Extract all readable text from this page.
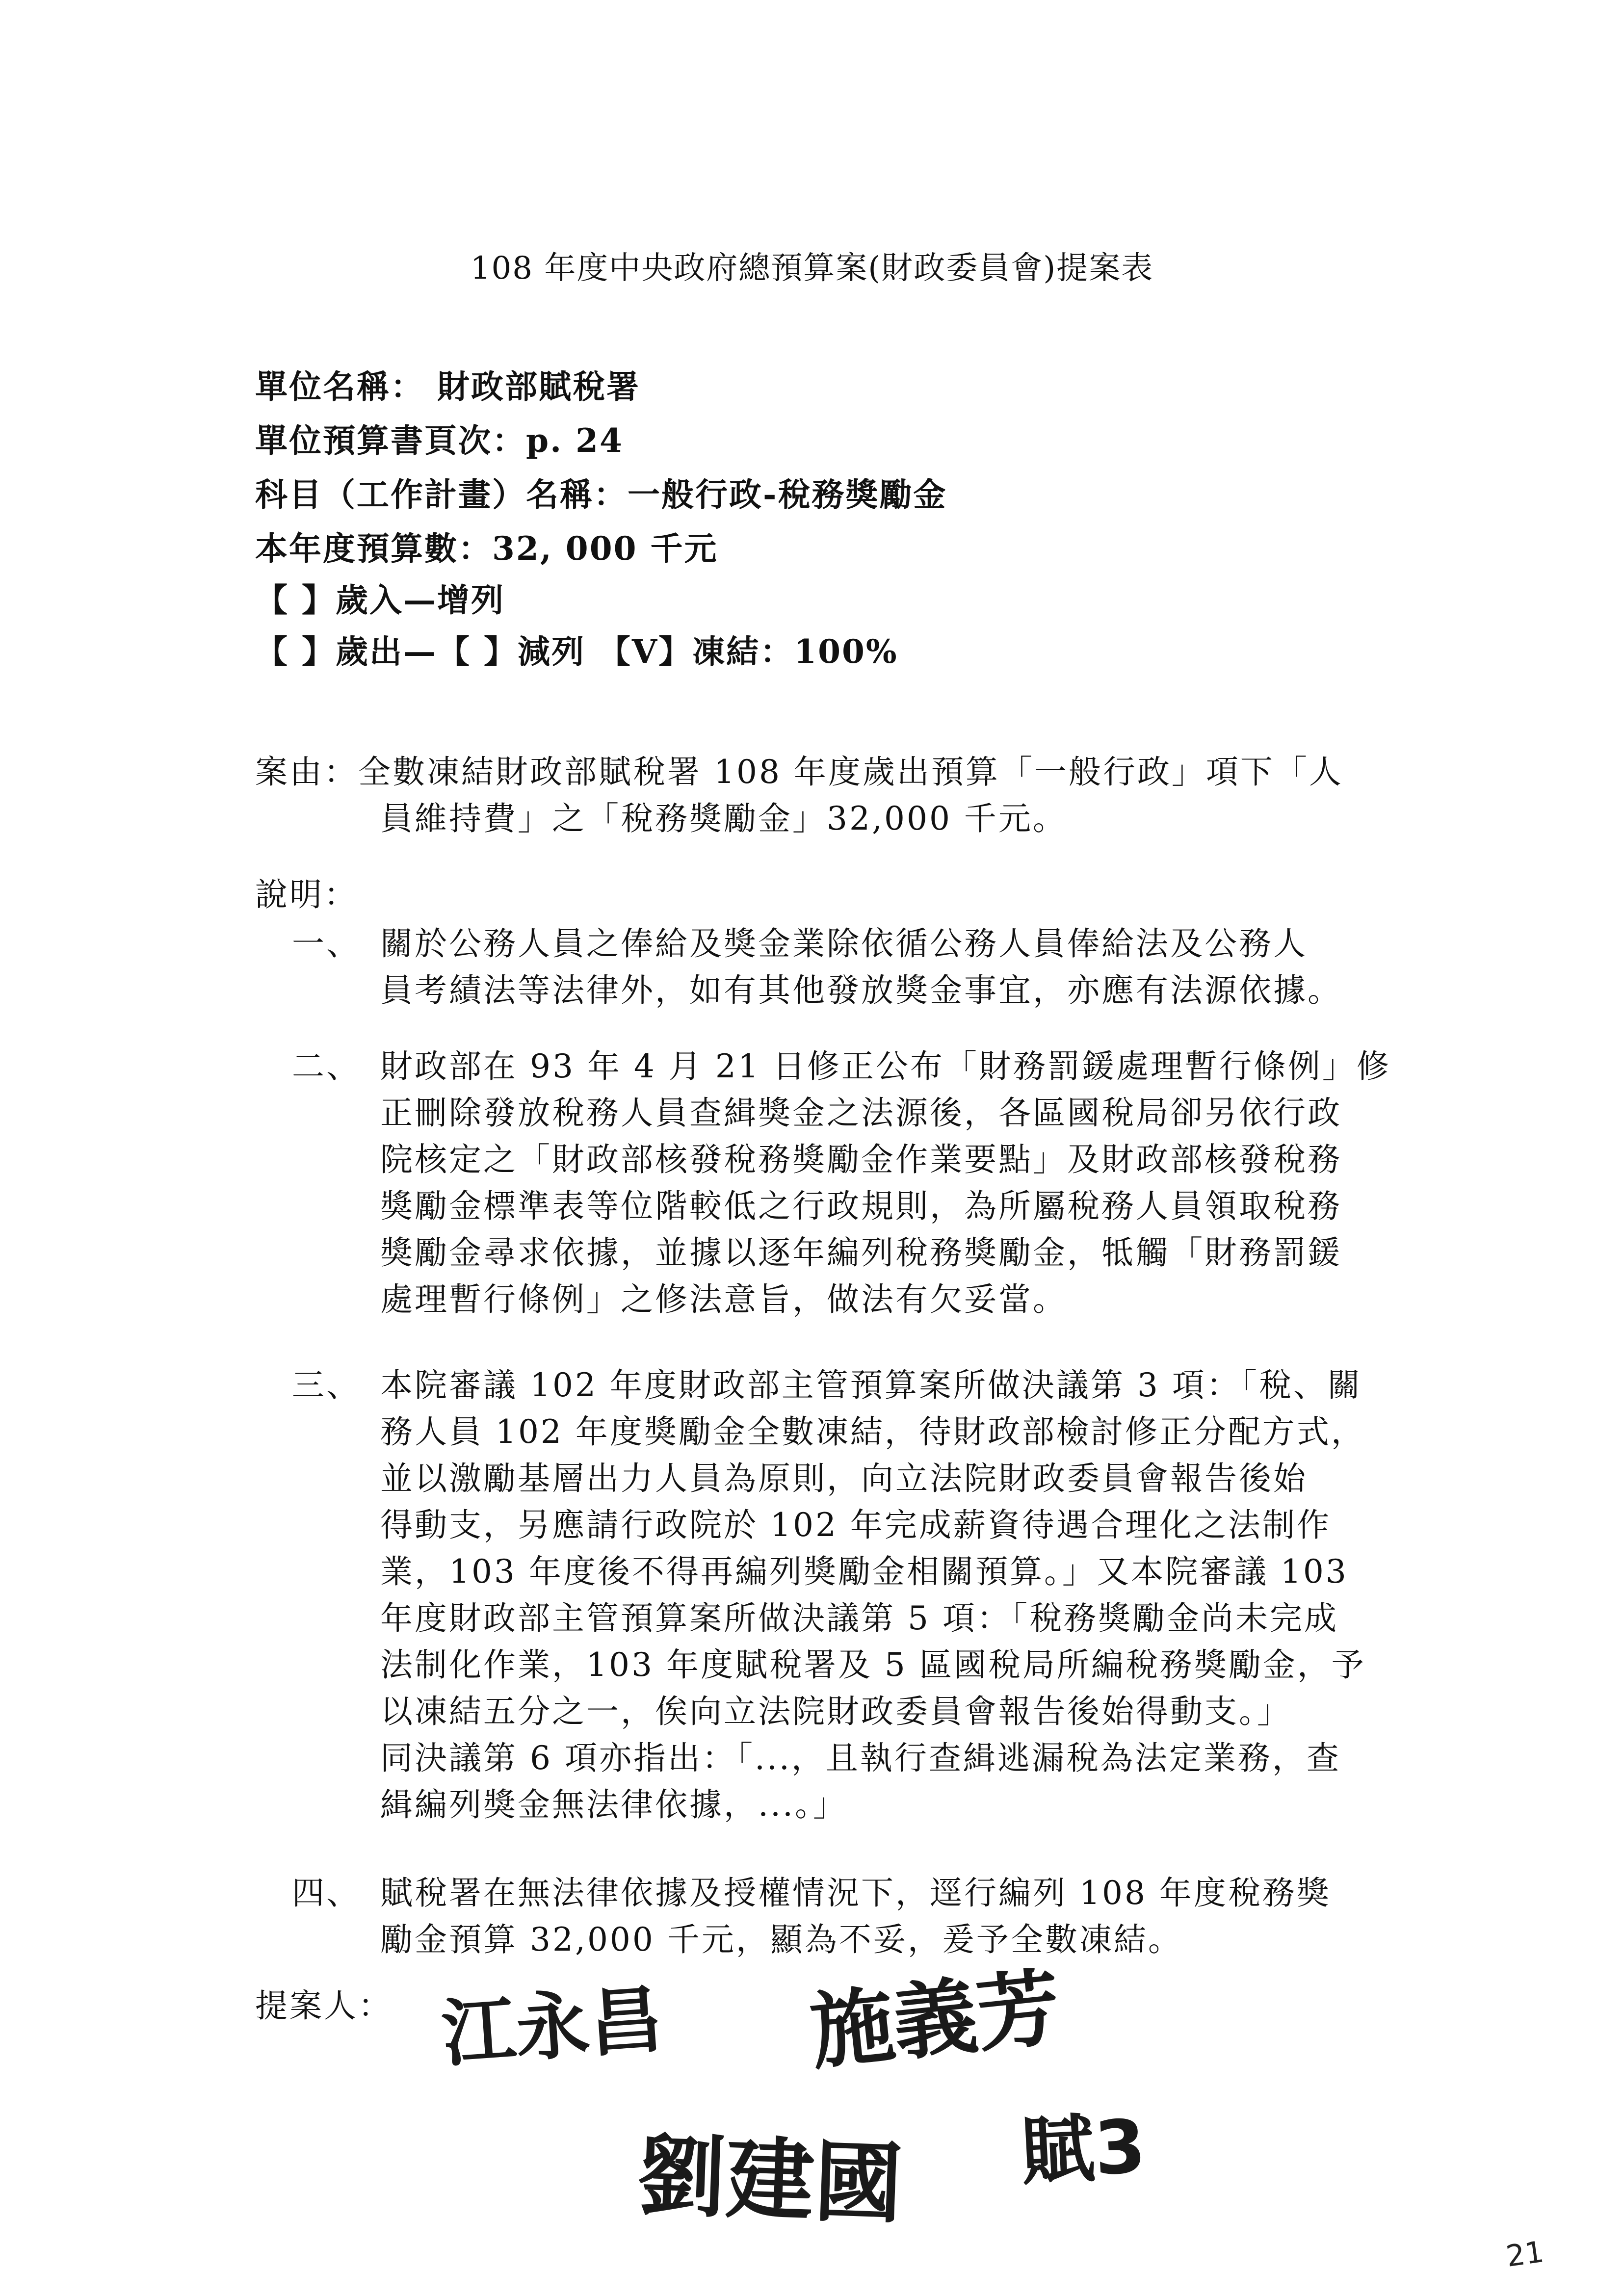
108 年度中央政府總預算案(財政委員會)提案表
單位名稱： 財政部賦稅署
單位預算書頁次：p. 24
科目（工作計畫）名稱：一般行政-稅務獎勵金
本年度預算數：32, 000 千元
【 】歲入—增列
【 】歲出—【 】減列 【V】凍結：100%
案由：全數凍結財政部賦稅署 108 年度歲出預算「一般行政」項下「人
員維持費」之「稅務獎勵金」32,000 千元。
說明：
一、 關於公務人員之俸給及獎金業除依循公務人員俸給法及公務人
員考績法等法律外，如有其他發放獎金事宜，亦應有法源依據。
二、 財政部在 93 年 4 月 21 日修正公布「財務罰鍰處理暫行條例」修
正刪除發放稅務人員查緝獎金之法源後，各區國稅局卻另依行政
院核定之「財政部核發稅務獎勵金作業要點」及財政部核發稅務
獎勵金標準表等位階較低之行政規則，為所屬稅務人員領取稅務
獎勵金尋求依據，並據以逐年編列稅務獎勵金，牴觸「財務罰鍰
處理暫行條例」之修法意旨，做法有欠妥當。
三、 本院審議 102 年度財政部主管預算案所做決議第 3 項：「稅、關
務人員 102 年度獎勵金全數凍結，待財政部檢討修正分配方式，
並以激勵基層出力人員為原則，向立法院財政委員會報告後始
得動支，另應請行政院於 102 年完成薪資待遇合理化之法制作
業，103 年度後不得再編列獎勵金相關預算。」又本院審議 103
年度財政部主管預算案所做決議第 5 項：「稅務獎勵金尚未完成
法制化作業，103 年度賦稅署及 5 區國稅局所編稅務獎勵金，予
以凍結五分之一，俟向立法院財政委員會報告後始得動支。」
同決議第 6 項亦指出：「...，且執行查緝逃漏稅為法定業務，查
緝編列獎金無法律依據，...。」
四、 賦稅署在無法律依據及授權情況下，逕行編列 108 年度稅務獎
勵金預算 32,000 千元，顯為不妥，爰予全數凍結。
提案人： 江永昌 施義芳
劉建國 賦3
21
